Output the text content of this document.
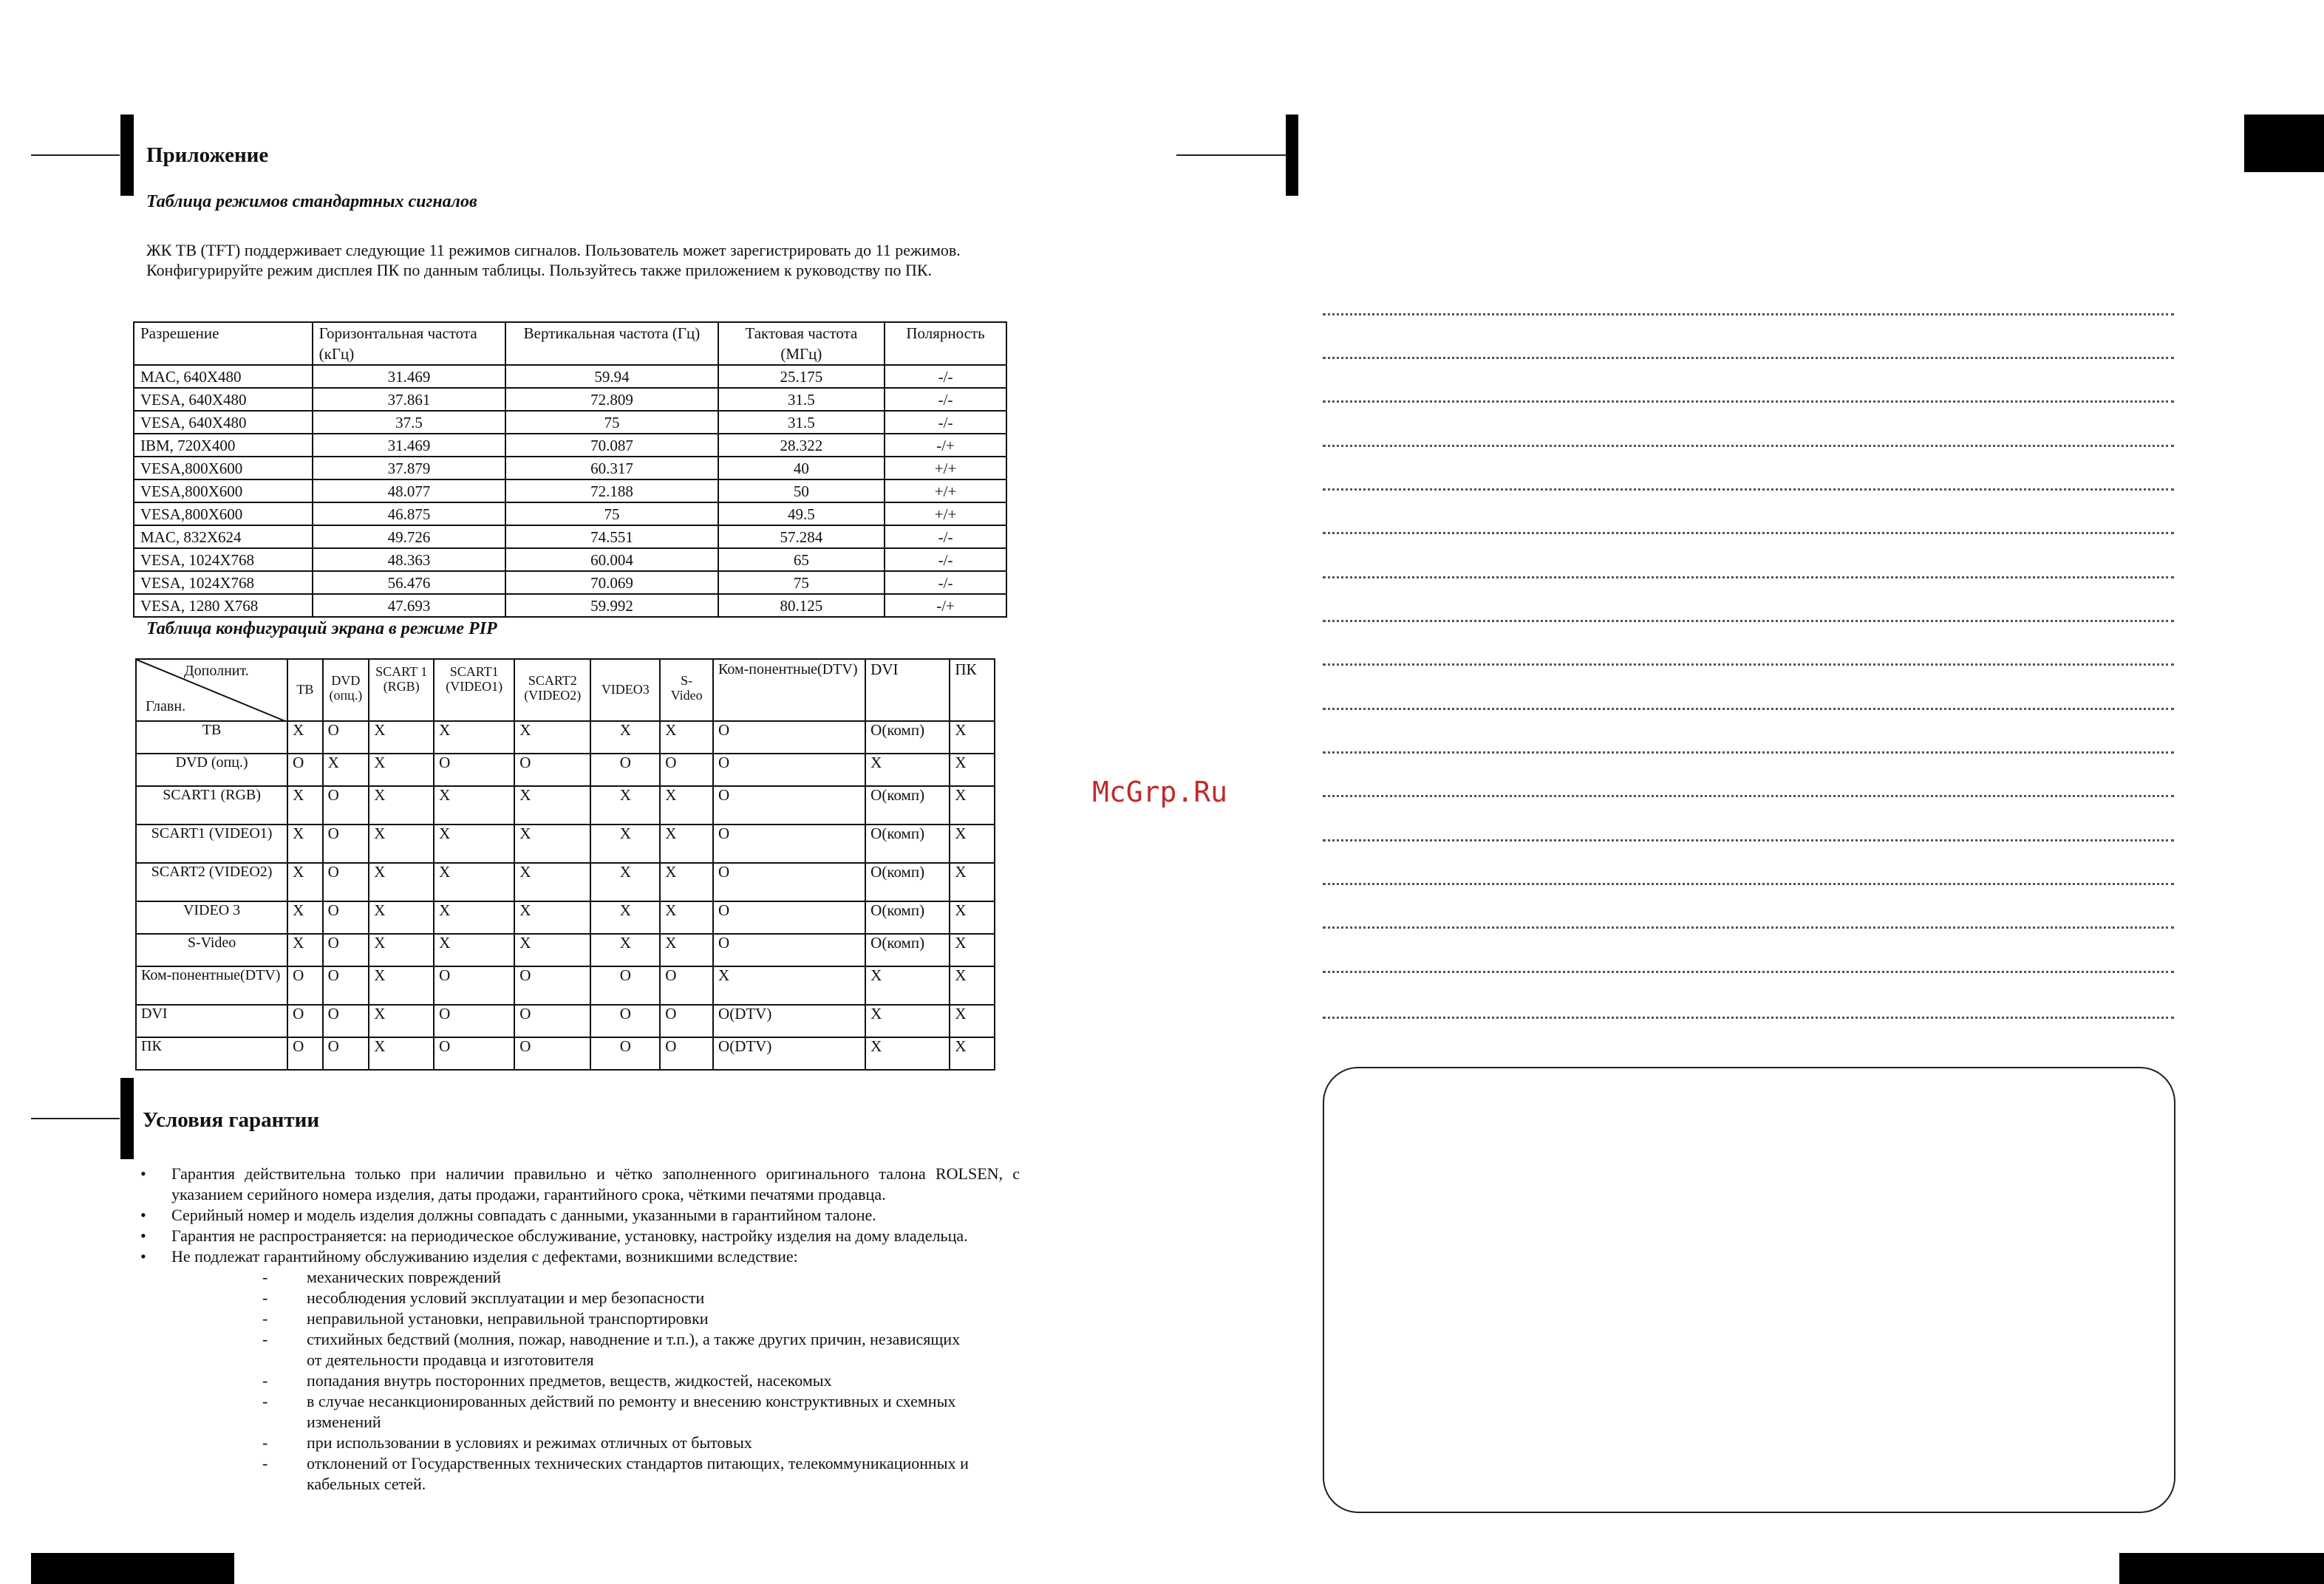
Приложение
Таблица режимов стандартных сигналов
ЖК ТВ (TFT) поддерживает следующие 11 режимов сигналов. Пользователь может зарегистрировать до 11 режимов. Конфигурируйте режим дисплея ПК по данным таблицы. Пользуйтесь также приложением к руководству по ПК.
Разрешение	Горизонтальная частота (кГц)	Вертикальная частота (Гц)	Тактовая частота (МГц)	Полярность
MAC, 640X480	31.469	59.94	25.175	-/-
VESA, 640X480	37.861	72.809	31.5	-/-
VESA, 640X480	37.5	75	31.5	-/-
IBM, 720X400	31.469	70.087	28.322	-/+
VESA,800X600	37.879	60.317	40	+/+
VESA,800X600	48.077	72.188	50	+/+
VESA,800X600	46.875	75	49.5	+/+
MAC, 832X624	49.726	74.551	57.284	-/-
VESA, 1024X768	48.363	60.004	65	-/-
VESA, 1024X768	56.476	70.069	75	-/-
VESA, 1280 X768	47.693	59.992	80.125	-/+
Таблица конфигураций экрана в режиме PIP
Дополнит.
Главн.	ТВ	DVD (опц.)	SCART 1 (RGB)	SCART1 (VIDEO1)	SCART2 (VIDEO2)	VIDEO3	S-Video	Ком-понентные(DTV)	DVI	ПК
ТВ	X	O	X	X	X	X	X	O	O(комп)	X
DVD (опц.)	O	X	X	O	O	O	O	O	X	X
SCART1 (RGB)	X	O	X	X	X	X	X	O	O(комп)	X
SCART1 (VIDEO1)	X	O	X	X	X	X	X	O	O(комп)	X
SCART2 (VIDEO2)	X	O	X	X	X	X	X	O	O(комп)	X
VIDEO 3	X	O	X	X	X	X	X	O	O(комп)	X
S-Video	X	O	X	X	X	X	X	O	O(комп)	X
Ком-понентные(DTV)	O	O	X	O	O	O	O	X	X	X
DVI	O	O	X	O	O	O	O	O(DTV)	X	X
ПК	O	O	X	O	O	O	O	O(DTV)	X	X
Условия гарантии
• Гарантия действительна только при наличии правильно и чётко заполненного оригинального талона ROLSEN, с указанием серийного номера изделия, даты продажи, гарантийного срока, чёткими печатями продавца.
• Серийный номер и модель изделия должны совпадать с данными, указанными в гарантийном талоне.
• Гарантия не распространяется: на периодическое обслуживание, установку, настройку изделия на дому владельца.
• Не подлежат гарантийному обслуживанию изделия с дефектами, возникшими вследствие:
- механических повреждений
- несоблюдения условий эксплуатации и мер безопасности
- неправильной установки, неправильной транспортировки
- стихийных бедствий (молния, пожар, наводнение и т.п.), а также других причин, независящих от деятельности продавца и изготовителя
- попадания внутрь посторонних предметов, веществ, жидкостей, насекомых
- в случае несанкционированных действий по ремонту и внесению конструктивных и схемных изменений
- при использовании в условиях и режимах отличных от бытовых
- отклонений от Государственных технических стандартов питающих, телекоммуникационных и кабельных сетей.
McGrp.Ru
